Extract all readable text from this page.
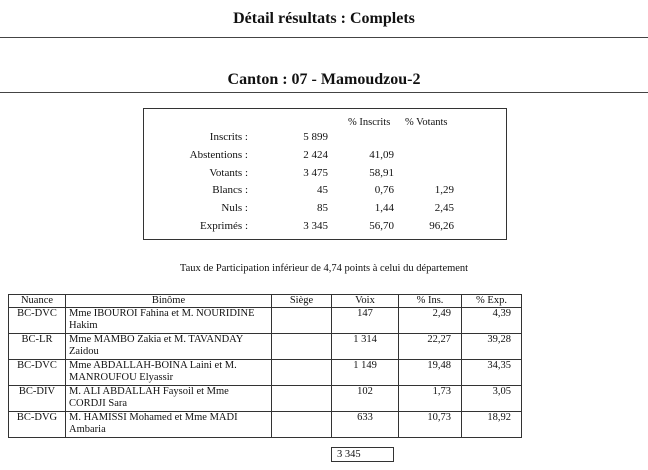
Détail résultats : Complets
Canton : 07 - Mamoudzou-2
% Inscrits % Votants
Inscrits :	5 899
Abstentions :	2 424	41,09
Votants :	3 475	58,91
Blancs :	45	0,76	1,29
Nuls :	85	1,44	2,45
Exprimés :	3 345	56,70	96,26
Taux de Participation inférieur de 4,74 points à celui du département
Nuance	Binôme	Siège	Voix	% Ins.	% Exp.
BC-DVC	Mme IBOUROI Fahina et M. NOURIDINE Hakim		147	2,49	4,39
BC-LR	Mme MAMBO Zakia et M. TAVANDAY Zaidou		1 314	22,27	39,28
BC-DVC	Mme ABDALLAH-BOINA Laini et M. MANROUFOU Elyassir		1 149	19,48	34,35
BC-DIV	M. ALI ABDALLAH Faysoil et Mme CORDJI Sara		102	1,73	3,05
BC-DVG	M. HAMISSI Mohamed et Mme MADI Ambaria		633	10,73	18,92
3 345
